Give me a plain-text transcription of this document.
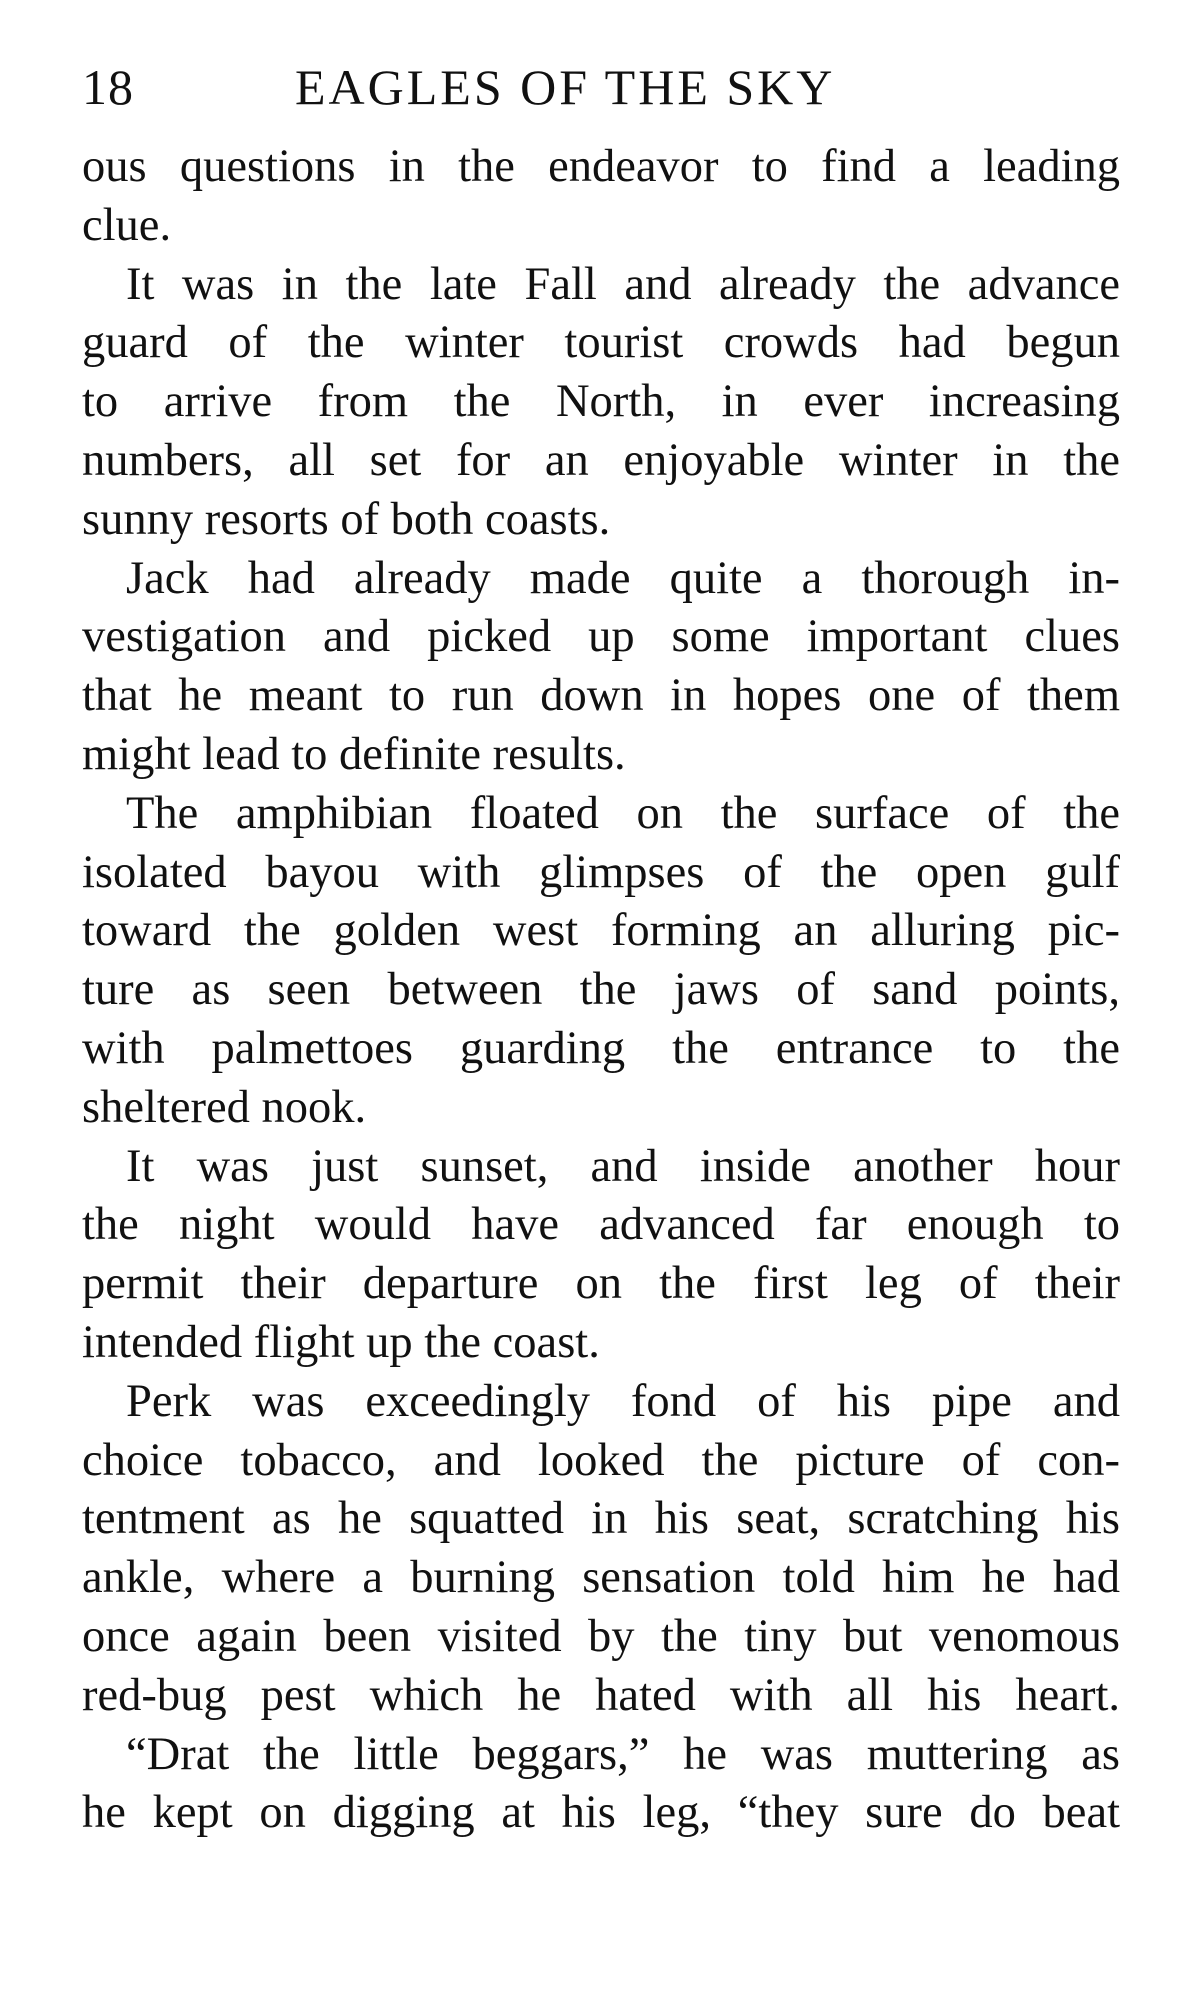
18	EAGLES OF THE SKY
ous questions in the endeavor to find a leading
clue.
It was in the late Fall and already the advance
guard of the winter tourist crowds had begun
to arrive from the North, in ever increasing
numbers, all set for an enjoyable winter in the
sunny resorts of both coasts.
Jack had already made quite a thorough in-
vestigation and picked up some important clues
that he meant to run down in hopes one of them
might lead to definite results.
The amphibian floated on the surface of the
isolated bayou with glimpses of the open gulf
toward the golden west forming an alluring pic-
ture as seen between the jaws of sand points,
with palmettoes guarding the entrance to the
sheltered nook.
It was just sunset, and inside another hour
the night would have advanced far enough to
permit their departure on the first leg of their
intended flight up the coast.
Perk was exceedingly fond of his pipe and
choice tobacco, and looked the picture of con-
tentment as he squatted in his seat, scratching his
ankle, where a burning sensation told him he had
once again been visited by the tiny but venomous
red-bug pest which he hated with all his heart.
“Drat the little beggars,” he was muttering as
he kept on digging at his leg, “they sure do beat
